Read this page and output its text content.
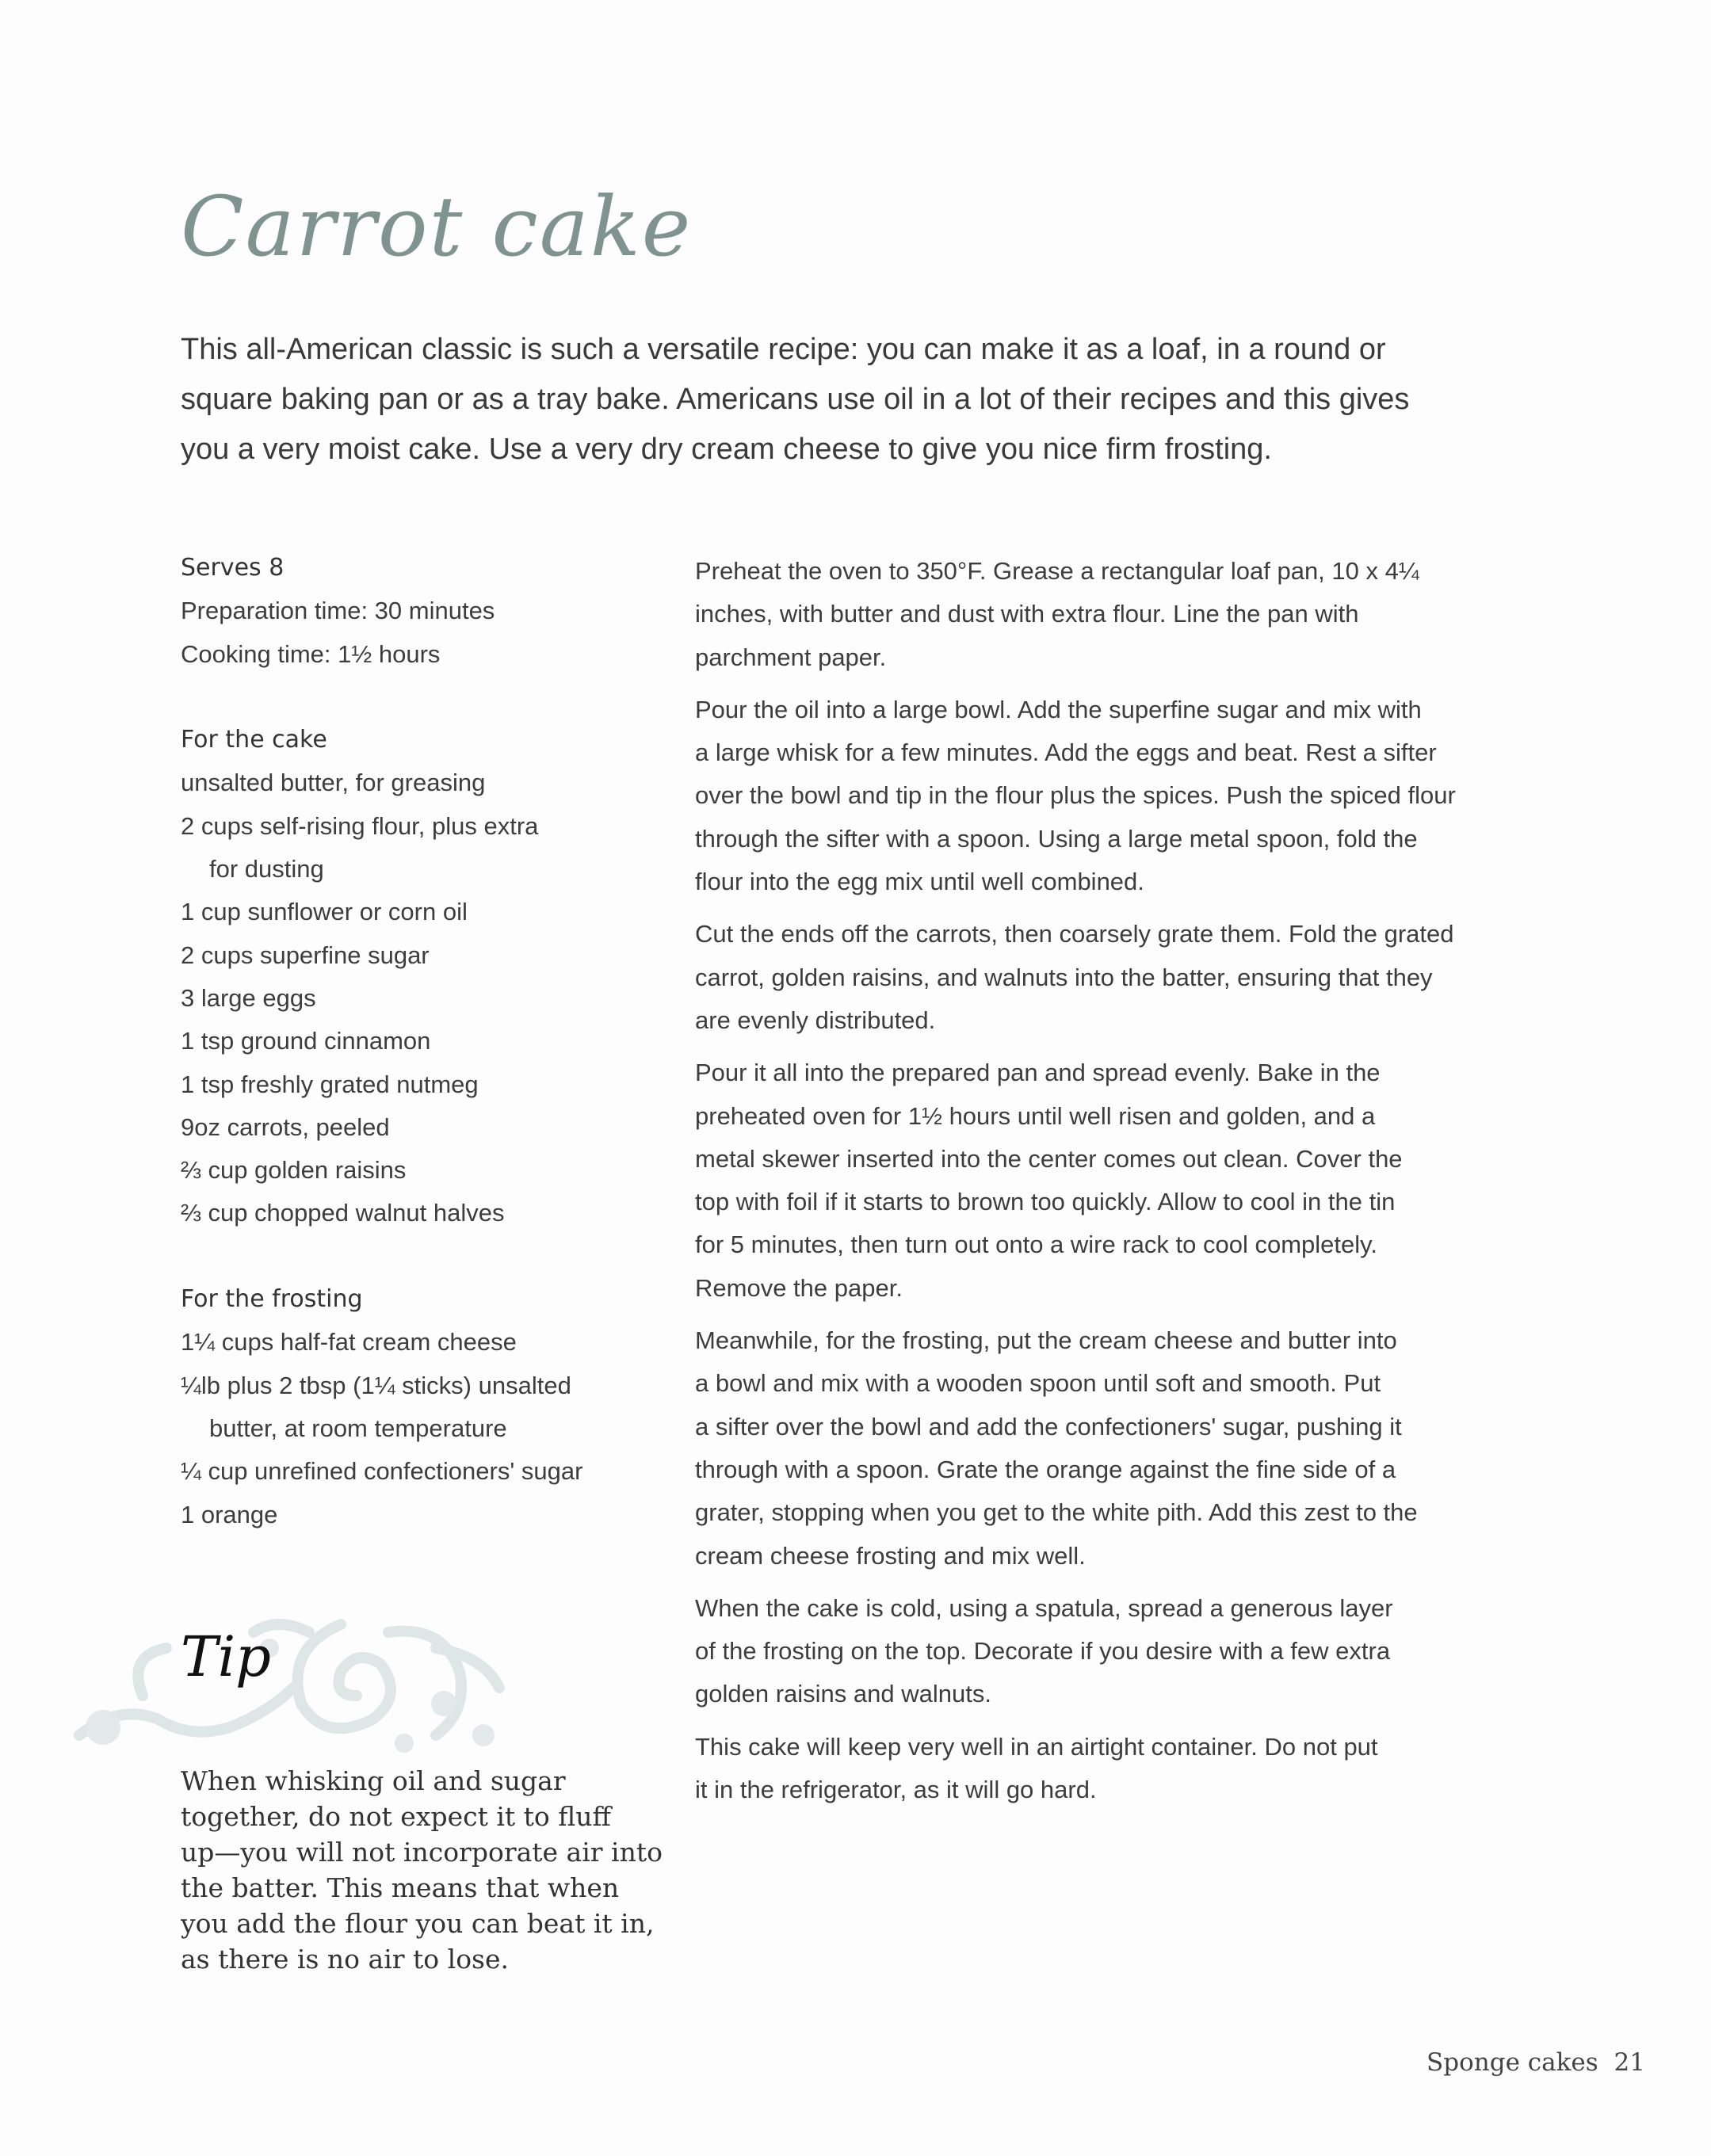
Carrot cake
This all-American classic is such a versatile recipe: you can make it as a loaf, in a round or
square baking pan or as a tray bake. Americans use oil in a lot of their recipes and this gives
you a very moist cake. Use a very dry cream cheese to give you nice firm frosting.
Serves 8
Preparation time: 30 minutes
Cooking time: 1½ hours
For the cake
unsalted butter, for greasing
2 cups self-rising flour, plus extra
for dusting
1 cup sunflower or corn oil
2 cups superfine sugar
3 large eggs
1 tsp ground cinnamon
1 tsp freshly grated nutmeg
9oz carrots, peeled
⅔ cup golden raisins
⅔ cup chopped walnut halves
For the frosting
1¼ cups half-fat cream cheese
¼lb plus 2 tbsp (1¼ sticks) unsalted
butter, at room temperature
¼ cup unrefined confectioners' sugar
1 orange
Preheat the oven to 350°F. Grease a rectangular loaf pan, 10 x 4¼
inches, with butter and dust with extra flour. Line the pan with
parchment paper.
Pour the oil into a large bowl. Add the superfine sugar and mix with
a large whisk for a few minutes. Add the eggs and beat. Rest a sifter
over the bowl and tip in the flour plus the spices. Push the spiced flour
through the sifter with a spoon. Using a large metal spoon, fold the
flour into the egg mix until well combined.
Cut the ends off the carrots, then coarsely grate them. Fold the grated
carrot, golden raisins, and walnuts into the batter, ensuring that they
are evenly distributed.
Pour it all into the prepared pan and spread evenly. Bake in the
preheated oven for 1½ hours until well risen and golden, and a
metal skewer inserted into the center comes out clean. Cover the
top with foil if it starts to brown too quickly. Allow to cool in the tin
for 5 minutes, then turn out onto a wire rack to cool completely.
Remove the paper.
Meanwhile, for the frosting, put the cream cheese and butter into
a bowl and mix with a wooden spoon until soft and smooth. Put
a sifter over the bowl and add the confectioners' sugar, pushing it
through with a spoon. Grate the orange against the fine side of a
grater, stopping when you get to the white pith. Add this zest to the
cream cheese frosting and mix well.
When the cake is cold, using a spatula, spread a generous layer
of the frosting on the top. Decorate if you desire with a few extra
golden raisins and walnuts.
This cake will keep very well in an airtight container. Do not put
it in the refrigerator, as it will go hard.
Tip
When whisking oil and sugar
together, do not expect it to fluff
up—you will not incorporate air into
the batter. This means that when
you add the flour you can beat it in,
as there is no air to lose.
Sponge cakes 21
